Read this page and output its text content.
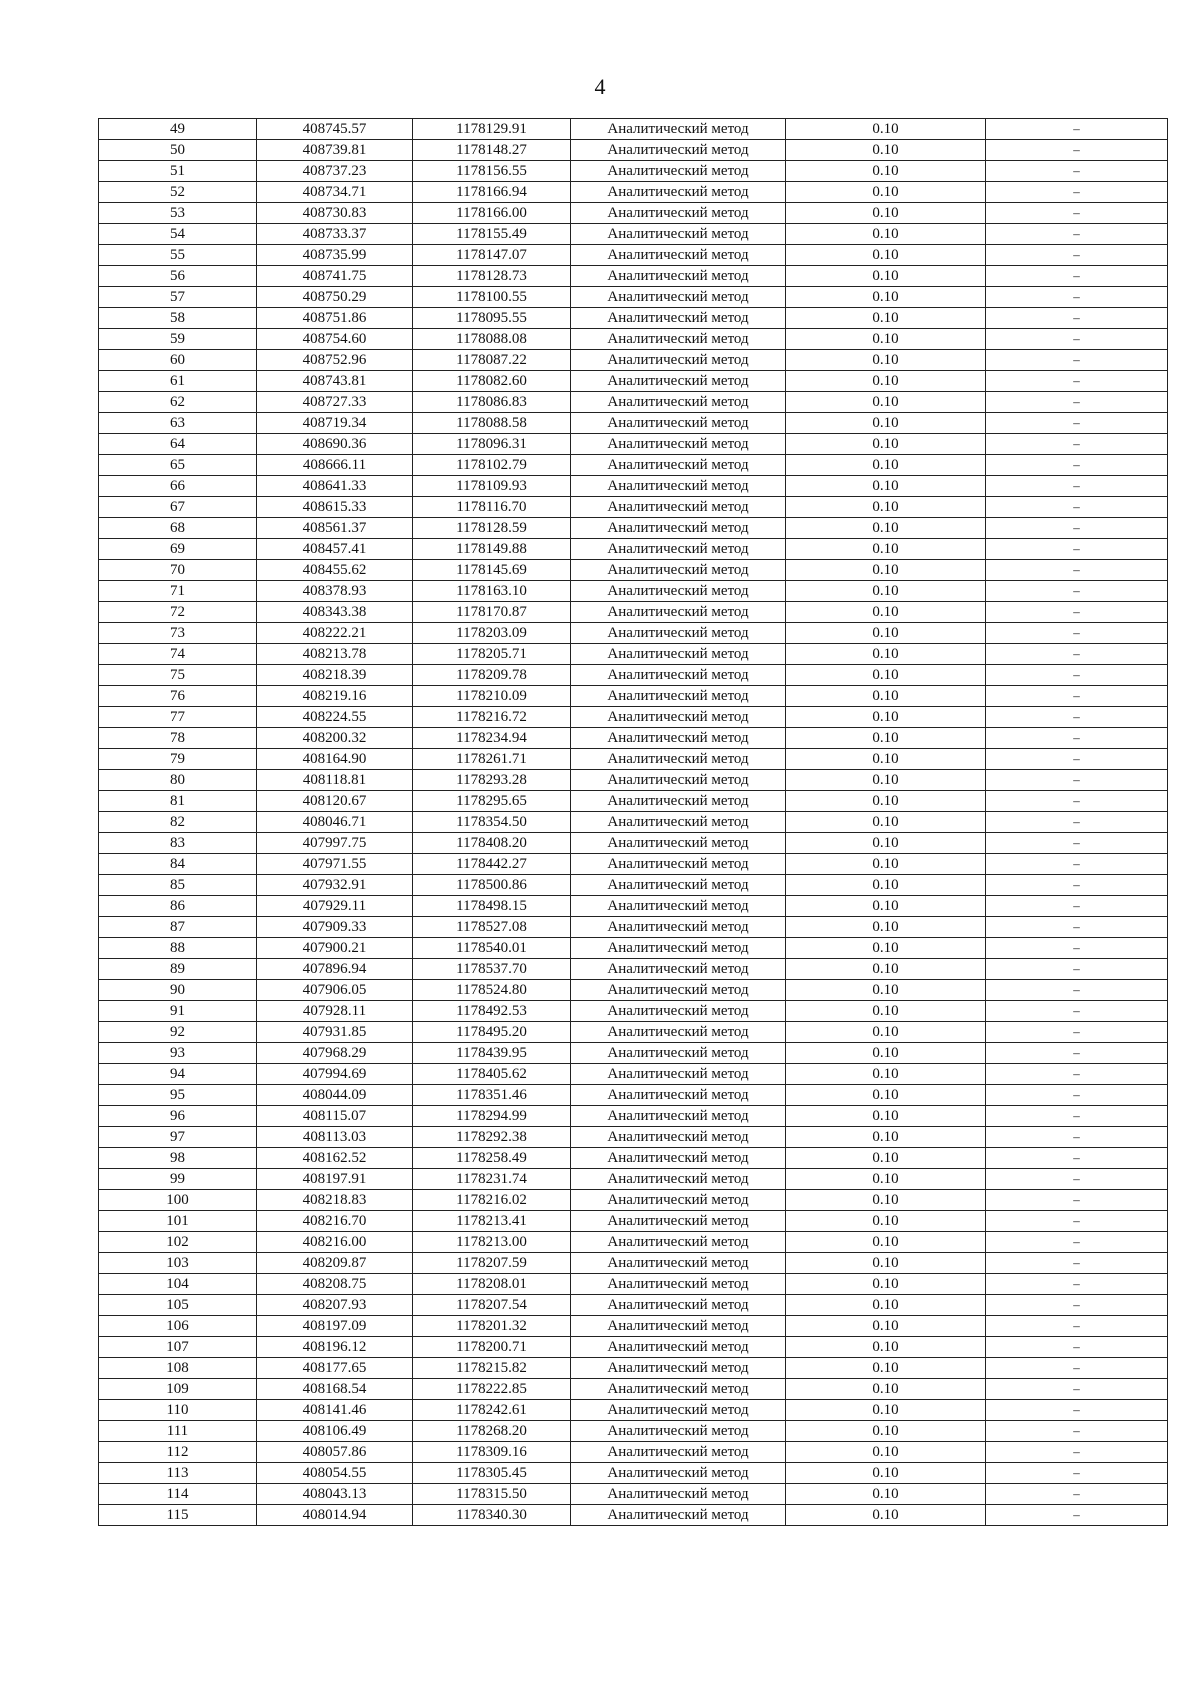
4
49	408745.57	1178129.91	Аналитический метод	0.10	–
50	408739.81	1178148.27	Аналитический метод	0.10	–
51	408737.23	1178156.55	Аналитический метод	0.10	–
52	408734.71	1178166.94	Аналитический метод	0.10	–
53	408730.83	1178166.00	Аналитический метод	0.10	–
54	408733.37	1178155.49	Аналитический метод	0.10	–
55	408735.99	1178147.07	Аналитический метод	0.10	–
56	408741.75	1178128.73	Аналитический метод	0.10	–
57	408750.29	1178100.55	Аналитический метод	0.10	–
58	408751.86	1178095.55	Аналитический метод	0.10	–
59	408754.60	1178088.08	Аналитический метод	0.10	–
60	408752.96	1178087.22	Аналитический метод	0.10	–
61	408743.81	1178082.60	Аналитический метод	0.10	–
62	408727.33	1178086.83	Аналитический метод	0.10	–
63	408719.34	1178088.58	Аналитический метод	0.10	–
64	408690.36	1178096.31	Аналитический метод	0.10	–
65	408666.11	1178102.79	Аналитический метод	0.10	–
66	408641.33	1178109.93	Аналитический метод	0.10	–
67	408615.33	1178116.70	Аналитический метод	0.10	–
68	408561.37	1178128.59	Аналитический метод	0.10	–
69	408457.41	1178149.88	Аналитический метод	0.10	–
70	408455.62	1178145.69	Аналитический метод	0.10	–
71	408378.93	1178163.10	Аналитический метод	0.10	–
72	408343.38	1178170.87	Аналитический метод	0.10	–
73	408222.21	1178203.09	Аналитический метод	0.10	–
74	408213.78	1178205.71	Аналитический метод	0.10	–
75	408218.39	1178209.78	Аналитический метод	0.10	–
76	408219.16	1178210.09	Аналитический метод	0.10	–
77	408224.55	1178216.72	Аналитический метод	0.10	–
78	408200.32	1178234.94	Аналитический метод	0.10	–
79	408164.90	1178261.71	Аналитический метод	0.10	–
80	408118.81	1178293.28	Аналитический метод	0.10	–
81	408120.67	1178295.65	Аналитический метод	0.10	–
82	408046.71	1178354.50	Аналитический метод	0.10	–
83	407997.75	1178408.20	Аналитический метод	0.10	–
84	407971.55	1178442.27	Аналитический метод	0.10	–
85	407932.91	1178500.86	Аналитический метод	0.10	–
86	407929.11	1178498.15	Аналитический метод	0.10	–
87	407909.33	1178527.08	Аналитический метод	0.10	–
88	407900.21	1178540.01	Аналитический метод	0.10	–
89	407896.94	1178537.70	Аналитический метод	0.10	–
90	407906.05	1178524.80	Аналитический метод	0.10	–
91	407928.11	1178492.53	Аналитический метод	0.10	–
92	407931.85	1178495.20	Аналитический метод	0.10	–
93	407968.29	1178439.95	Аналитический метод	0.10	–
94	407994.69	1178405.62	Аналитический метод	0.10	–
95	408044.09	1178351.46	Аналитический метод	0.10	–
96	408115.07	1178294.99	Аналитический метод	0.10	–
97	408113.03	1178292.38	Аналитический метод	0.10	–
98	408162.52	1178258.49	Аналитический метод	0.10	–
99	408197.91	1178231.74	Аналитический метод	0.10	–
100	408218.83	1178216.02	Аналитический метод	0.10	–
101	408216.70	1178213.41	Аналитический метод	0.10	–
102	408216.00	1178213.00	Аналитический метод	0.10	–
103	408209.87	1178207.59	Аналитический метод	0.10	–
104	408208.75	1178208.01	Аналитический метод	0.10	–
105	408207.93	1178207.54	Аналитический метод	0.10	–
106	408197.09	1178201.32	Аналитический метод	0.10	–
107	408196.12	1178200.71	Аналитический метод	0.10	–
108	408177.65	1178215.82	Аналитический метод	0.10	–
109	408168.54	1178222.85	Аналитический метод	0.10	–
110	408141.46	1178242.61	Аналитический метод	0.10	–
111	408106.49	1178268.20	Аналитический метод	0.10	–
112	408057.86	1178309.16	Аналитический метод	0.10	–
113	408054.55	1178305.45	Аналитический метод	0.10	–
114	408043.13	1178315.50	Аналитический метод	0.10	–
115	408014.94	1178340.30	Аналитический метод	0.10	–
